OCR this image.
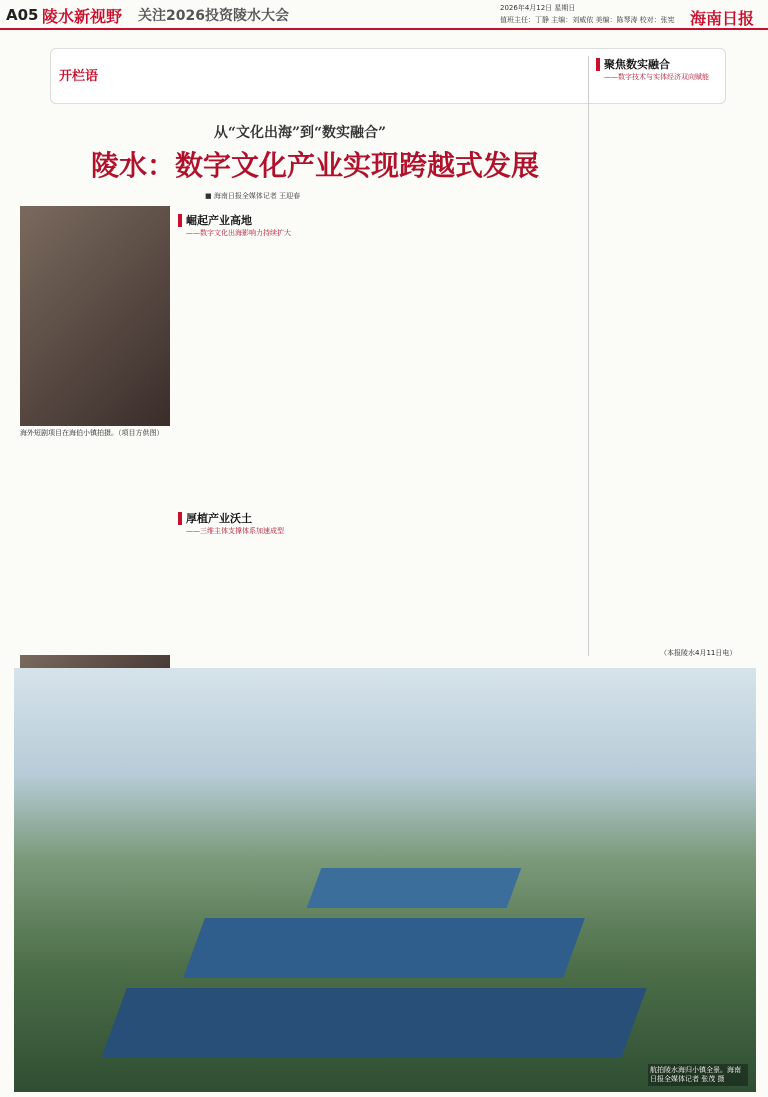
A05 陵水新视野 关注2026投资陵水大会	2026年4月12日 星期日
值班主任：丁静 主编：刘威依 美编：陈琴涛 校对：张宪 海南日报
开栏语
从“文化出海”到“数实融合”
陵水：数字文化产业实现跨越式发展
■ 海南日报全媒体记者 王迎春
海外短剧项目在海伯小镇拍摄。（项目方供图）
崛起产业高地
——数字文化出海影响力持续扩大
厚植产业沃土
——三维主体支撑体系加速成型
聚焦数实融合
——数字技术与实体经济双向赋能
（本报陵水4月11日电）
航拍陵水海归小镇全景。海南日报全媒体记者 张茂 摄
